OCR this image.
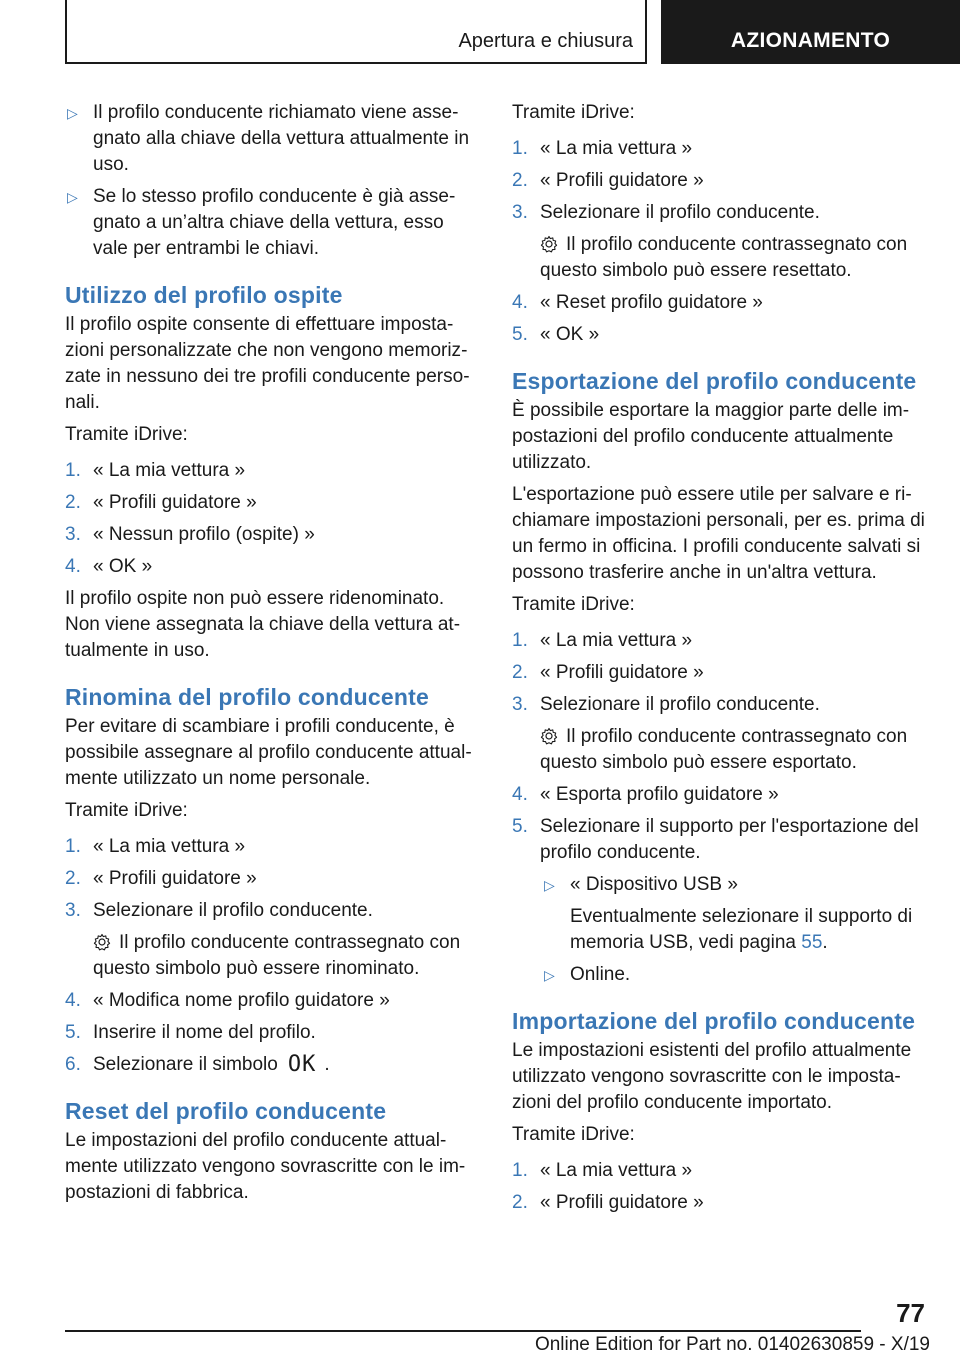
Apertura e chiusura	AZIONAMENTO
▷ Il profilo conducente richiamato viene assegnato alla chiave della vettura attualmente in uso.
▷ Se lo stesso profilo conducente è già assegnato a un’altra chiave della vettura, esso vale per entrambi le chiavi.
Utilizzo del profilo ospite

Il profilo ospite consente di effettuare impostazioni personalizzate che non vengono memorizzate in nessuno dei tre profili conducente personali.

Tramite iDrive:

1. « La mia vettura »
2. « Profili guidatore »
3. « Nessun profilo (ospite) »
4. « OK »

Il profilo ospite non può essere ridenominato. Non viene assegnata la chiave della vettura attualmente in uso.

Rinomina del profilo conducente

Per evitare di scambiare i profili conducente, è possibile assegnare al profilo conducente attualmente utilizzato un nome personale.

Tramite iDrive:

1. « La mia vettura »
2. « Profili guidatore »
3. Selezionare il profilo conducente.
Il profilo conducente contrassegnato con questo simbolo può essere rinominato.
4. « Modifica nome profilo guidatore »
5. Inserire il nome del profilo.
6. Selezionare il simbolo OK .
Reset del profilo conducente

Le impostazioni del profilo conducente attualmente utilizzato vengono sovrascritte con le impostazioni di fabbrica.

Tramite iDrive:

1. « La mia vettura »
2. « Profili guidatore »
3. Selezionare il profilo conducente.
Il profilo conducente contrassegnato con questo simbolo può essere resettato.
4. « Reset profilo guidatore »
5. « OK »
Esportazione del profilo conducente

È possibile esportare la maggior parte delle impostazioni del profilo conducente attualmente utilizzato.

L'esportazione può essere utile per salvare e richiamare impostazioni personali, per es. prima di un fermo in officina. I profili conducente salvati si possono trasferire anche in un'altra vettura.

Tramite iDrive:

1. « La mia vettura »
2. « Profili guidatore »
3. Selezionare il profilo conducente.
Il profilo conducente contrassegnato con questo simbolo può essere esportato.
4. « Esporta profilo guidatore »
5. Selezionare il supporto per l'esportazione del profilo conducente.
▷ « Dispositivo USB »
Eventualmente selezionare il supporto di memoria USB, vedi pagina 55.
▷ Online.
Importazione del profilo conducente

Le impostazioni esistenti del profilo attualmente utilizzato vengono sovrascritte con le impostazioni del profilo conducente importato.

Tramite iDrive:

1. « La mia vettura »
2. « Profili guidatore »
77
Online Edition for Part no. 01402630859 - X/19
